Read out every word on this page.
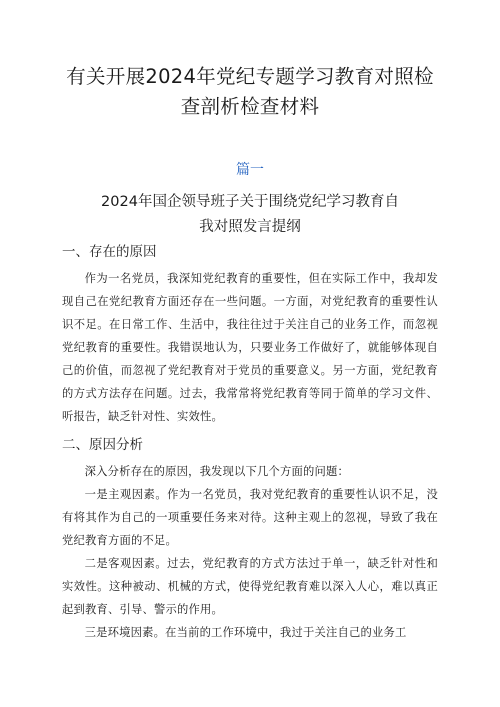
有关开展2024年党纪专题学习教育对照检
查剖析检查材料
篇一
2024年国企领导班子关于围绕党纪学习教育自
我对照发言提纲
一、存在的原因

作为一名党员，我深知党纪教育的重要性，但在实际工作中，我却发现自己在党纪教育方面还存在一些问题。一方面，对党纪教育的重要性认识不足。在日常工作、生活中，我往往过于关注自己的业务工作，而忽视党纪教育的重要性。我错误地认为，只要业务工作做好了，就能够体现自己的价值，而忽视了党纪教育对于党员的重要意义。另一方面，党纪教育的方式方法存在问题。过去，我常常将党纪教育等同于简单的学习文件、听报告，缺乏针对性、实效性。

二、原因分析

深入分析存在的原因，我发现以下几个方面的问题：

一是主观因素。作为一名党员，我对党纪教育的重要性认识不足，没有将其作为自己的一项重要任务来对待。这种主观上的忽视，导致了我在党纪教育方面的不足。

二是客观因素。过去，党纪教育的方式方法过于单一，缺乏针对性和实效性。这种被动、机械的方式，使得党纪教育难以深入人心，难以真正起到教育、引导、警示的作用。

三是环境因素。在当前的工作环境中，我过于关注自己的业务工
